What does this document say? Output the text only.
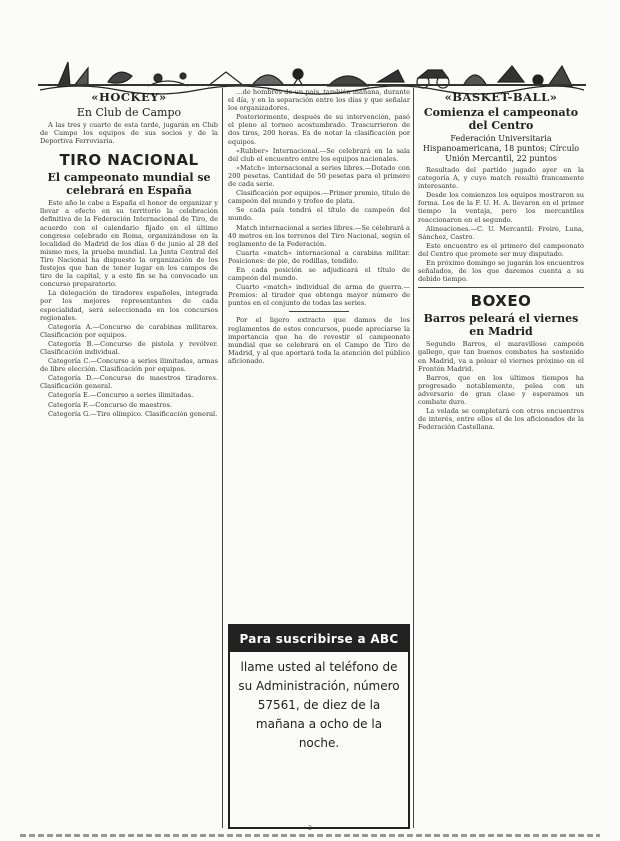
«HOCKEY»
En Club de Campo

A las tres y cuarto de esta tarde, jugarán en Club de Campo los equipos de sus socios y de la Deportiva Ferroviaria.

TIRO NACIONAL
El campeonato mundial se celebrará en España

Este año le cabe a España el honor de organizar y llevar a efecto en su territorio la celebración definitiva de la Federación Internacional de Tiro, de acuerdo con el calendario fijado en el último congreso celebrado en Roma, organizándose en la localidad de Madrid de los días 6 de junio al 28 del mismo mes, la prueba mundial. La Junta Central del Tiro Nacional ha dispuesto la organización de los festejos que han de tener lugar en los campos de tiro de la capital, y a este fin se ha convocado un concurso preparatorio.

La delegación de tiradores españoles, integrada por los mejores representantes de cada especialidad, será seleccionada en los concursos regionales.

Categoría A.—Concurso de carabinas militares. Clasificación por equipos.

Categoría B.—Concurso de pistola y revólver. Clasificación individual.

Categoría C.—Concurso a series ilimitadas, armas de libre elección. Clasificación por equipos.

Categoría D.—Concurso de maestros tiradores. Clasificación general.

Categoría E.—Concurso a series ilimitadas.

Categoría F.—Concurso de maestros.

Categoría G.—Tiro olímpico. Clasificación general.

…de hombres de un país, también mañana, durante el día, y en la separación entre los días y que señalar los organizadores.

Posteriormente, después de su intervención, pasó el pleno al torneo acostumbrado. Trascurrieron de dos tiros, 200 horas. Es de notar la clasificación por equipos.

«Rubber» Internacional.—Se celebrará en la sala del club el encuentro entre los equipos nacionales.

«Match» internacional a series libres.—Dotado con 200 pesetas. Cantidad de 50 pesetas para el primero de cada serie.

Clasificación por equipos.—Primer premio, título de campeón del mundo y trofeo de plata.

Se cada país tendrá el título de campeón del mundo.

Match internacional a series libres.—Se celebrará a 40 metros en los terrenos del Tiro Nacional, según el reglamento de la Federación.

Cuarta «match» internacional a carabina militar. Posiciones: de pie, de rodillas, tendido.

En cada posición se adjudicará el título de campeón del mundo.

Cuarto «match» individual de arma de guerra.—Premios: al tirador que obtenga mayor número de puntos en el conjunto de todas las series.

Por el ligero extracto que damos de los reglamentos de estos concursos, puede apreciarse la importancia que ha de revestir el campeonato mundial que se celebrará en el Campo de Tiro de Madrid, y al que aportará toda la atención del público aficionado.

Para suscribirse a ABC
llame usted al teléfono de
su Administración, número
57561, de diez de la
mañana a ocho de la noche.
«BASKET-BALL»
Comienza el campeonato del Centro
Federación Universitaria Hispanoamericana, 18 puntos; Círculo Unión Mercantil, 22 puntos

Resultado del partido jugado ayer en la categoría A, y cuyo match resultó francamente interesante.

Desde los comienzos los equipos mostraron su forma. Los de la F. U. H. A. llevaron en el primer tiempo la ventaja, pero los mercantiles reaccionaron en el segundo.

Alineaciones.—C. U. Mercantil: Freire, Luna, Sánchez, Castro.

Este encuentro es el primero del campeonato del Centro que promete ser muy disputado.

En próximo domingo se jugarán los encuentros señalados, de los que daremos cuenta a su debido tiempo.

BOXEO
Barros peleará el viernes en Madrid

Segundo Barros, el maravilloso campeón gallego, que tan buenos combates ha sostenido en Madrid, va a pelear el viernes próximo en el Frontón Madrid.

Barros, que en los últimos tiempos ha progresado notablemente, pelea con un adversario de gran clase y esperamos un combate duro.

La velada se completará con otros encuentros de interés, entre ellos el de los aficionados de la Federación Castellana.

2
